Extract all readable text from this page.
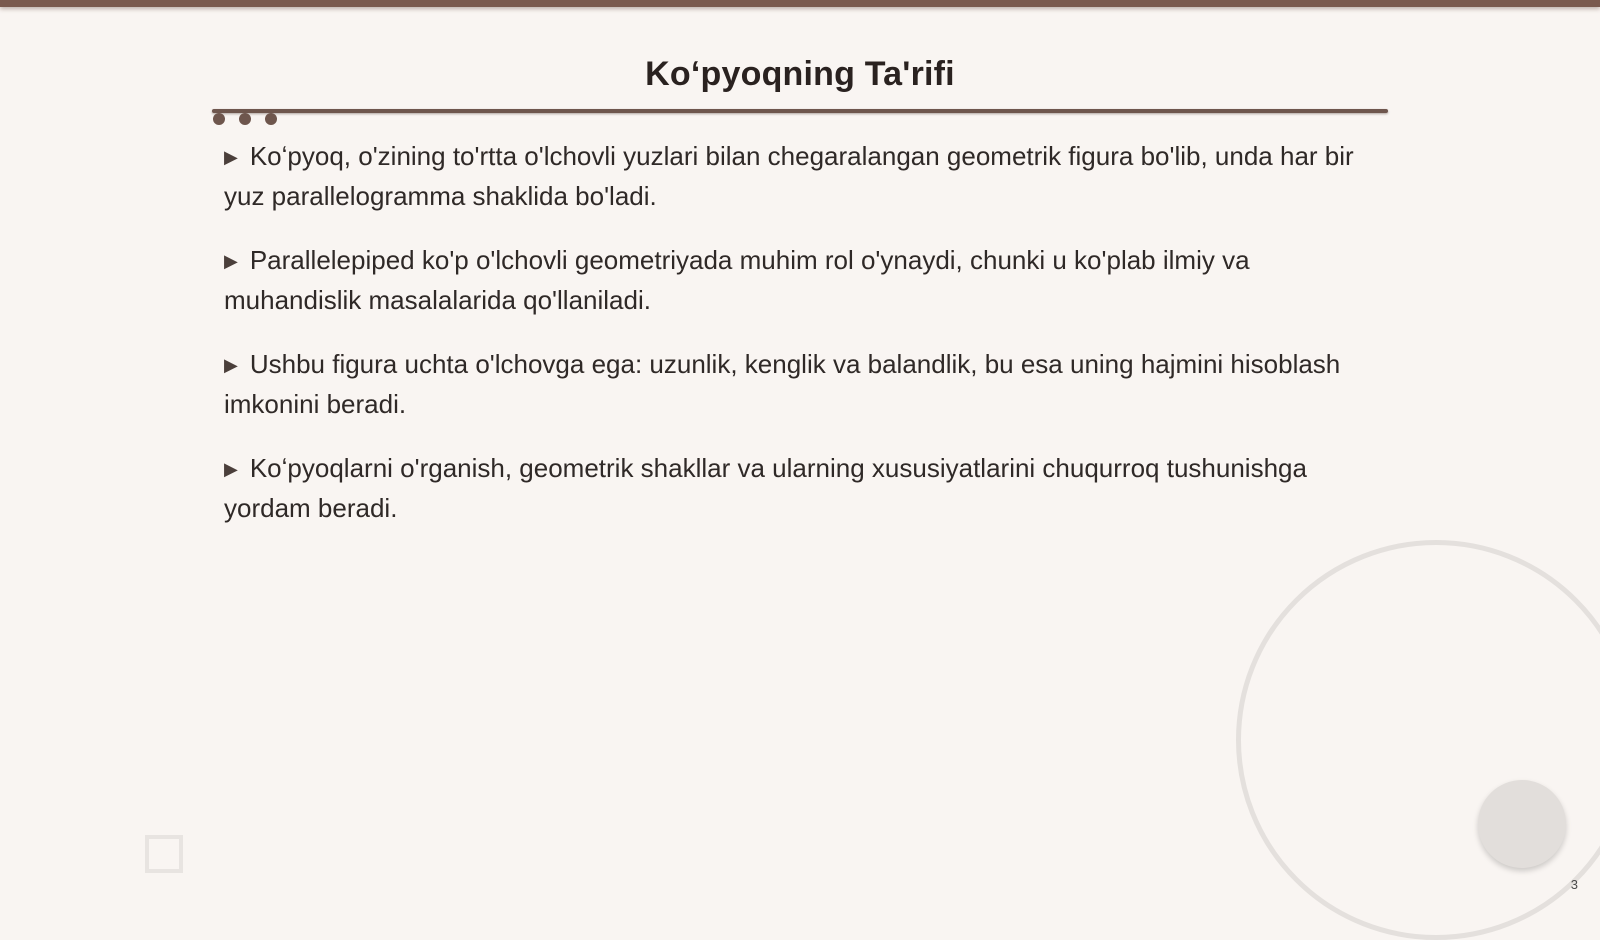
Koʻpyoqning Ta'rifi
▶ Koʻpyoq, o'zining to'rtta o'lchovli yuzlari bilan chegaralangan geometrik figura bo'lib, unda har bir yuz parallelogramma shaklida bo'ladi.
▶ Parallelepiped ko'p o'lchovli geometriyada muhim rol o'ynaydi, chunki u ko'plab ilmiy va muhandislik masalalarida qo'llaniladi.
▶ Ushbu figura uchta o'lchovga ega: uzunlik, kenglik va balandlik, bu esa uning hajmini hisoblash imkonini beradi.
▶ Koʻpyoqlarni o'rganish, geometrik shakllar va ularning xususiyatlarini chuqurroq tushunishga yordam beradi.
3
